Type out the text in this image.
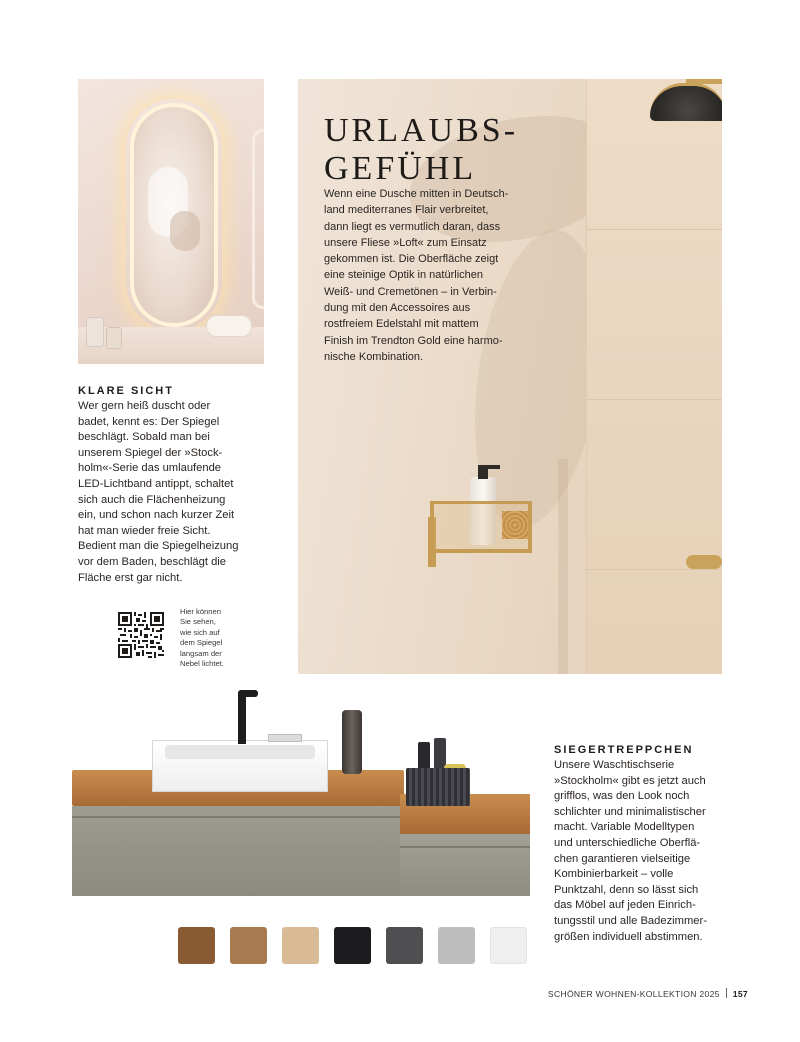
URLAUBS-
GEFÜHL

Wenn eine Dusche mitten in Deutsch-
land mediterranes Flair verbreitet,
dann liegt es vermutlich daran, dass
unsere Fliese »Loft« zum Einsatz
gekommen ist. Die Oberfläche zeigt
eine steinige Optik in natürlichen
Weiß- und Cremetönen – in Verbin-
dung mit den Accessoires aus
rostfreiem Edelstahl mit mattem
Finish im Trendton Gold eine harmo-
nische Kombination.

KLARE SICHT

Wer gern heiß duscht oder
badet, kennt es: Der Spiegel
beschlägt. Sobald man bei
unserem Spiegel der »Stock-
holm«-Serie das umlaufende
LED-Lichtband antippt, schaltet
sich auch die Flächenheizung
ein, und schon nach kurzer Zeit
hat man wieder freie Sicht.
Bedient man die Spiegelheizung
vor dem Baden, beschlägt die
Fläche erst gar nicht.

Hier können
Sie sehen,
wie sich auf
dem Spiegel
langsam der
Nebel lichtet.

SIEGERTREPPCHEN

Unsere Waschtischserie
»Stockholm« gibt es jetzt auch
grifflos, was den Look noch
schlichter und minimalistischer
macht. Variable Modelltypen
und unterschiedliche Oberflä-
chen garantieren vielseitige
Kombinierbarkeit – volle
Punktzahl, denn so lässt sich
das Möbel auf jeden Einrich-
tungsstil und alle Badezimmer-
größen individuell abstimmen.

SCHÖNER WOHNEN-KOLLEKTION 2025 157
